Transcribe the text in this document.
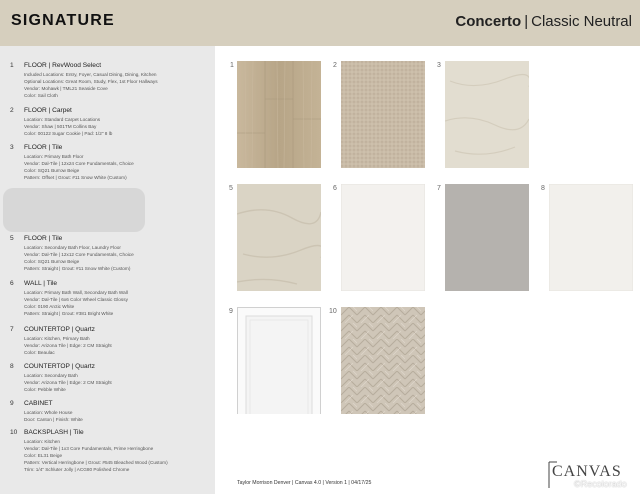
SIGNATURE	Concerto | Classic Neutral
1 FLOOR | RevWood Select
Included Locations: Entry, Foyer, Casual Dining, Dining, Kitchen
Optional Locations: Great Room, Study, Flex, 1st Floor Hallways
Vendor: Mohawk | TML21 Seaside Cove
Color: Sail Cloth
2 FLOOR | Carpet
Location: Standard Carpet Locations
Vendor: Shaw | 501TM Collins Bay
Color: 00122 Sugar Cookie | Pad: 1/2" 8 lb
3 FLOOR | Tile
Location: Primary Bath Floor
Vendor: Dal-Tile | 12x24 Core Fundamentals, Choice
Color: SQ21 Burrow Beige
Pattern: Offset | Grout: #11 Snow White (Custom)
5 FLOOR | Tile
Location: Secondary Bath Floor, Laundry Floor
Vendor: Dal-Tile | 12x12 Core Fundamentals, Choice
Color: SQ21 Burrow Beige
Pattern: Straight | Grout: #11 Snow White (Custom)
6 WALL | Tile
Location: Primary Bath Wall, Secondary Bath Wall
Vendor: Dal-Tile | 6x6 Color Wheel Classic Glossy
Color: 0190 Arctic White
Pattern: Straight | Grout: #381 Bright White
7 COUNTERTOP | Quartz
Location: Kitchen, Primary Bath
Vendor: Arizona Tile | Edge: 2 CM Straight
Color: Beaulac
8 COUNTERTOP | Quartz
Location: Secondary Bath
Vendor: Arizona Tile | Edge: 2 CM Straight
Color: Pebble White
9 CABINET
Location: Whole House
Door: Canton | Finish: White
10 BACKSPLASH | Tile
Location: Kitchen
Vendor: Dal-Tile | 1x3 Core Fundamentals, Prime Herringbone
Color: EL31 Beige
Pattern: Vertical Herringbone | Grout: #545 Bleached Wood (Custom)
Trim: 1/4" Schluter Jolly | ACG80 Polished Chrome
1	2	3
5	6	7	8
9	10
Taylor Morrison Denver | Canvas 4.0 | Version 1 | 04/17/25
CANVAS
©Recolorado
